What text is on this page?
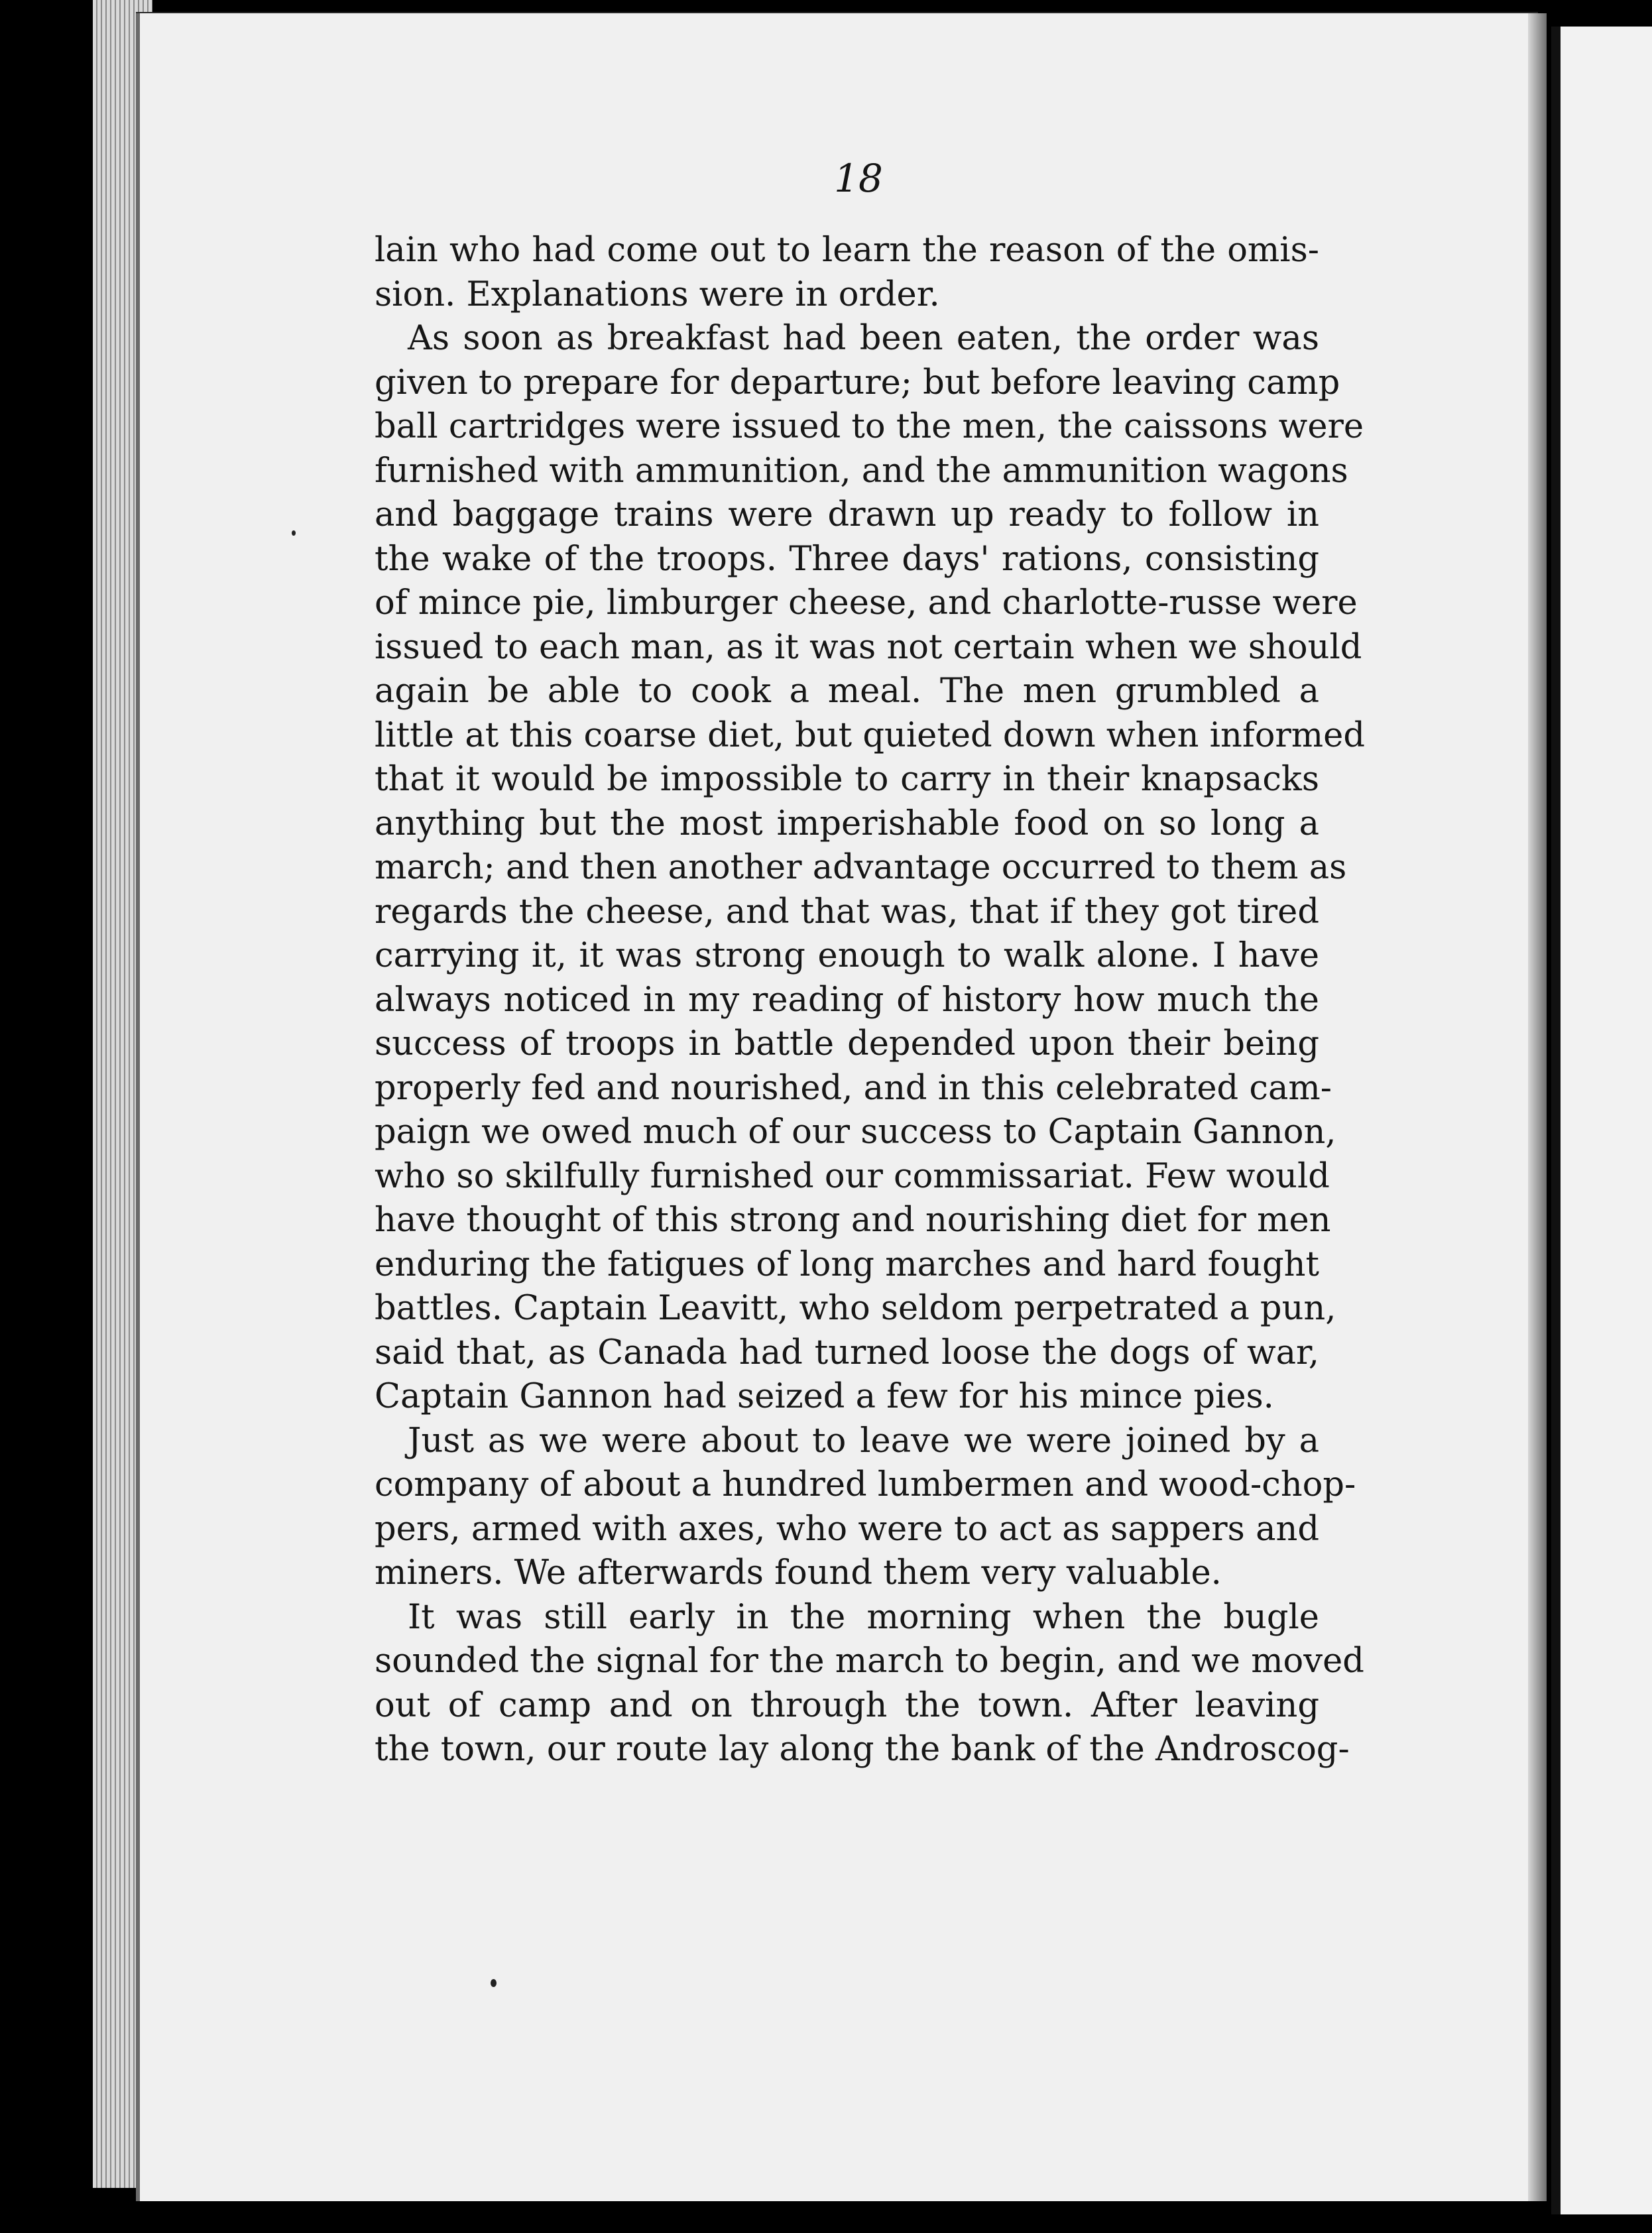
18
lain who had come out to learn the reason of the omis-
sion. Explanations were in order.
As soon as breakfast had been eaten, the order was
given to prepare for departure; but before leaving camp
ball cartridges were issued to the men, the caissons were
furnished with ammunition, and the ammunition wagons
and baggage trains were drawn up ready to follow in
the wake of the troops. Three days' rations, consisting
of mince pie, limburger cheese, and charlotte-russe were
issued to each man, as it was not certain when we should
again be able to cook a meal. The men grumbled a
little at this coarse diet, but quieted down when informed
that it would be impossible to carry in their knapsacks
anything but the most imperishable food on so long a
march; and then another advantage occurred to them as
regards the cheese, and that was, that if they got tired
carrying it, it was strong enough to walk alone. I have
always noticed in my reading of history how much the
success of troops in battle depended upon their being
properly fed and nourished, and in this celebrated cam-
paign we owed much of our success to Captain Gannon,
who so skilfully furnished our commissariat. Few would
have thought of this strong and nourishing diet for men
enduring the fatigues of long marches and hard fought
battles. Captain Leavitt, who seldom perpetrated a pun,
said that, as Canada had turned loose the dogs of war,
Captain Gannon had seized a few for his mince pies.
Just as we were about to leave we were joined by a
company of about a hundred lumbermen and wood-chop-
pers, armed with axes, who were to act as sappers and
miners. We afterwards found them very valuable.
It was still early in the morning when the bugle
sounded the signal for the march to begin, and we moved
out of camp and on through the town. After leaving
the town, our route lay along the bank of the Androscog-
